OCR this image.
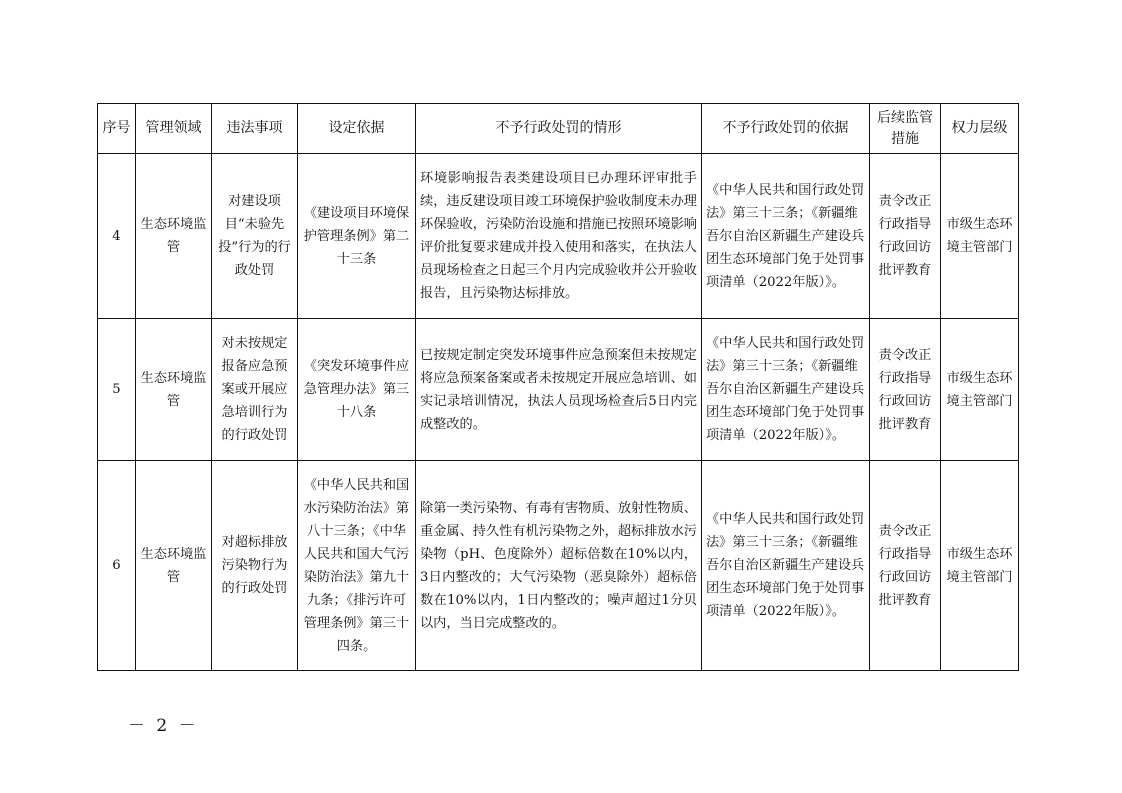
序号	管理领域	违法事项	设定依据	不予行政处罚的情形	不予行政处罚的依据	后续监管措施	权力层级
4	生态环境监管	对建设项目“未验先投”行为的行政处罚	《建设项目环境保护管理条例》第二十三条	环境影响报告表类建设项目已办理环评审批手续，违反建设项目竣工环境保护验收制度未办理环保验收，污染防治设施和措施已按照环境影响评价批复要求建成并投入使用和落实，在执法人员现场检查之日起三个月内完成验收并公开验收报告，且污染物达标排放。	《中华人民共和国行政处罚法》第三十三条；《新疆维吾尔自治区新疆生产建设兵团生态环境部门免于处罚事项清单（2022年版）》。	责令改正行政指导行政回访批评教育	市级生态环境主管部门
5	生态环境监管	对未按规定报备应急预案或开展应急培训行为的行政处罚	《突发环境事件应急管理办法》第三十八条	已按规定制定突发环境事件应急预案但未按规定将应急预案备案或者未按规定开展应急培训、如实记录培训情况，执法人员现场检查后5日内完成整改的。	《中华人民共和国行政处罚法》第三十三条；《新疆维吾尔自治区新疆生产建设兵团生态环境部门免于处罚事项清单（2022年版）》。	责令改正行政指导行政回访批评教育	市级生态环境主管部门
6	生态环境监管	对超标排放污染物行为的行政处罚	《中华人民共和国水污染防治法》第八十三条；《中华人民共和国大气污染防治法》第九十九条；《排污许可管理条例》第三十四条。	除第一类污染物、有毒有害物质、放射性物质、重金属、持久性有机污染物之外，超标排放水污染物（pH、色度除外）超标倍数在10%以内，3日内整改的；大气污染物（恶臭除外）超标倍数在10%以内，1日内整改的；噪声超过1分贝以内，当日完成整改的。	《中华人民共和国行政处罚法》第三十三条；《新疆维吾尔自治区新疆生产建设兵团生态环境部门免于处罚事项清单（2022年版）》。	责令改正行政指导行政回访批评教育	市级生态环境主管部门
－ 2 －
